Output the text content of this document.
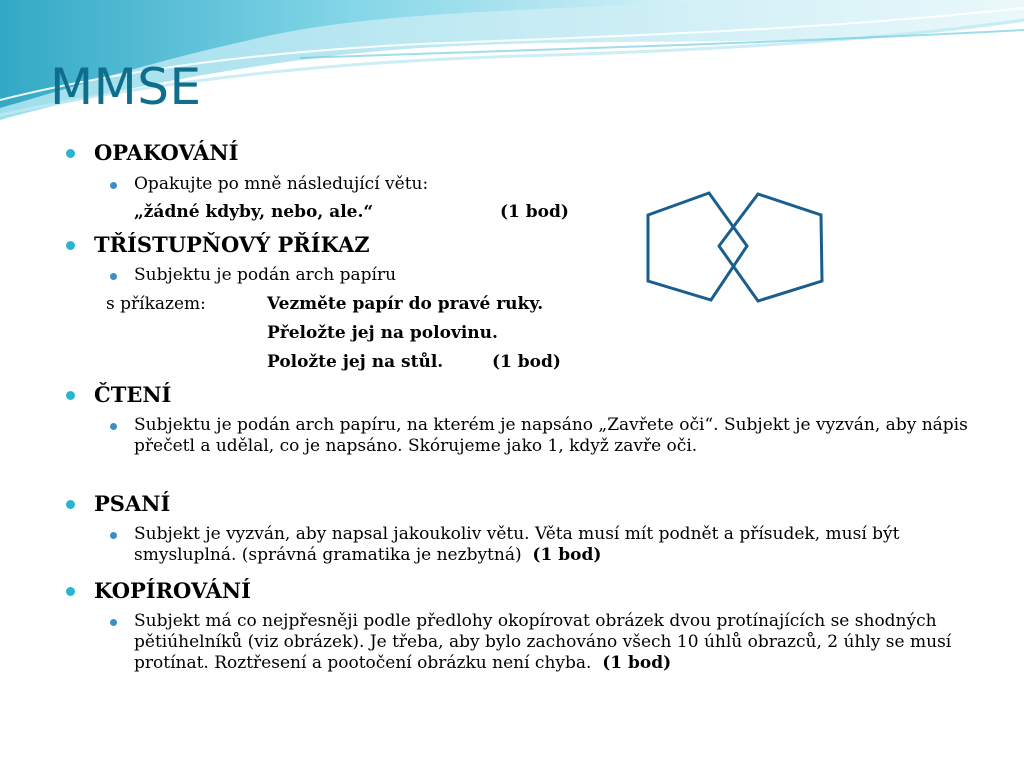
MMSE
OPAKOVÁNÍ
Opakujte po mně následující větu:
„žádné kdyby, nebo, ale.“	(1 bod)
TŘÍSTUPŇOVÝ PŘÍKAZ
Subjektu je podán arch papíru
s příkazem:	Vezměte papír do pravé ruky.
Přeložte jej na polovinu.
Položte jej na stůl.	(1 bod)
ČTENÍ
Subjektu je podán arch papíru, na kterém je napsáno „Zavřete oči“. Subjekt je vyzván, aby nápis přečetl a udělal, co je napsáno. Skórujeme jako 1, když zavře oči.
PSANÍ
Subjekt je vyzván, aby napsal jakoukoliv větu. Věta musí mít podnět a přísudek, musí být smysluplná. (správná gramatika je nezbytná) (1 bod)
KOPÍROVÁNÍ
Subjekt má co nejpřesněji podle předlohy okopírovat obrázek dvou protínajících se shodných pětiúhelníků (viz obrázek). Je třeba, aby bylo zachováno všech 10 úhlů obrazců, 2 úhly se musí protínat. Roztřesení a pootočení obrázku není chyba. (1 bod)
